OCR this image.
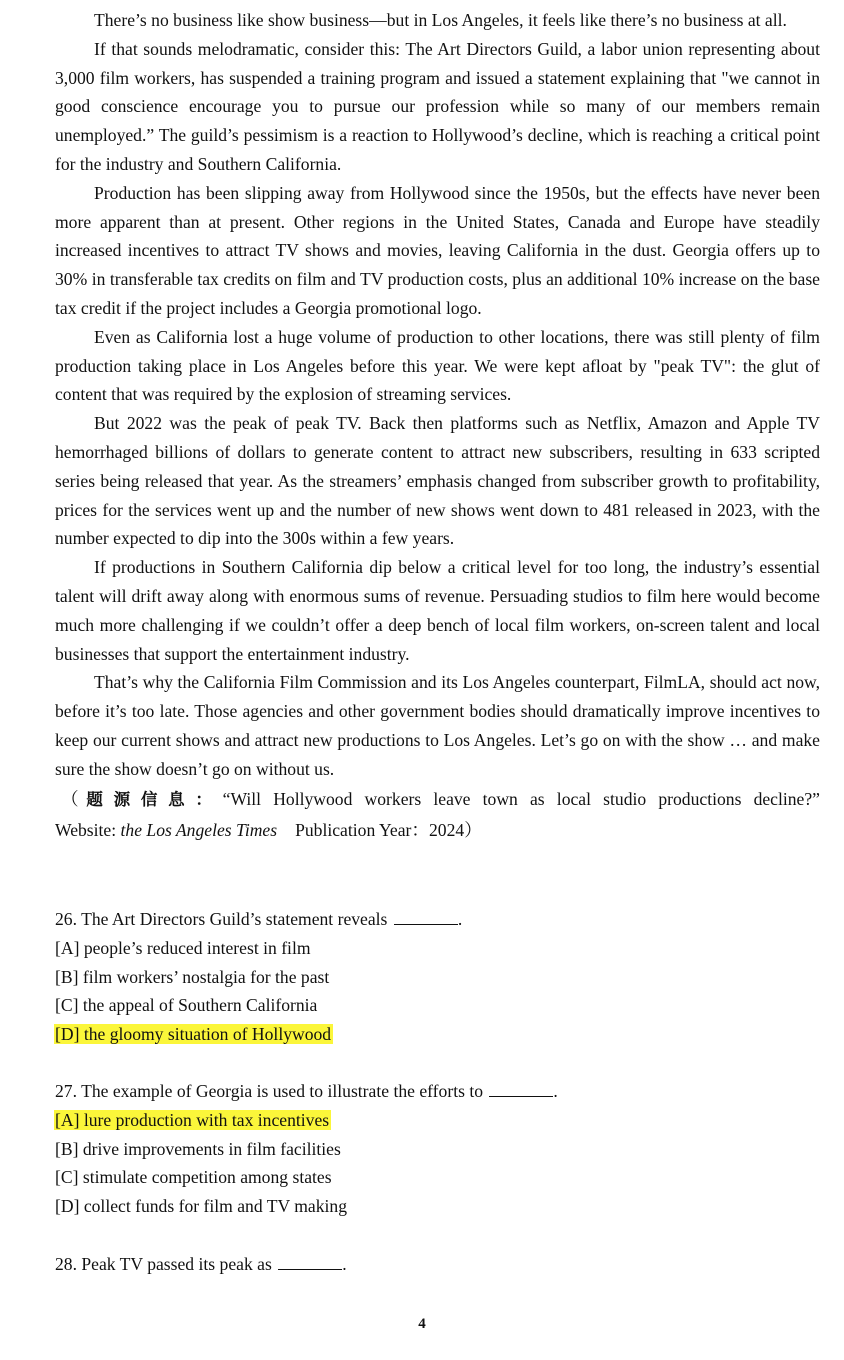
There’s no business like show business—but in Los Angeles, it feels like there’s no business at all.

If that sounds melodramatic, consider this: The Art Directors Guild, a labor union representing about 3,000 film workers, has suspended a training program and issued a statement explaining that "we cannot in good conscience encourage you to pursue our profession while so many of our members remain unemployed.” The guild’s pessimism is a reaction to Hollywood’s decline, which is reaching a critical point for the industry and Southern California.

Production has been slipping away from Hollywood since the 1950s, but the effects have never been more apparent than at present. Other regions in the United States, Canada and Europe have steadily increased incentives to attract TV shows and movies, leaving California in the dust. Georgia offers up to 30% in transferable tax credits on film and TV production costs, plus an additional 10% increase on the base tax credit if the project includes a Georgia promotional logo.

Even as California lost a huge volume of production to other locations, there was still plenty of film production taking place in Los Angeles before this year. We were kept afloat by "peak TV": the glut of content that was required by the explosion of streaming services.

But 2022 was the peak of peak TV. Back then platforms such as Netflix, Amazon and Apple TV hemorrhaged billions of dollars to generate content to attract new subscribers, resulting in 633 scripted series being released that year. As the streamers’ emphasis changed from subscriber growth to profitability, prices for the services went up and the number of new shows went down to 481 released in 2023, with the number expected to dip into the 300s within a few years.

If productions in Southern California dip below a critical level for too long, the industry’s essential talent will drift away along with enormous sums of revenue. Persuading studios to film here would become much more challenging if we couldn’t offer a deep bench of local film workers, on-screen talent and local businesses that support the entertainment industry.

That’s why the California Film Commission and its Los Angeles counterpart, FilmLA, should act now, before it’s too late. Those agencies and other government bodies should dramatically improve incentives to keep our current shows and attract new productions to Los Angeles. Let’s go on with the show … and make sure the show doesn’t go on without us.

（题源信息：“Will Hollywood workers leave town as local studio productions decline?”
Website: the Los Angeles Times Publication Year：2024）

26. The Art Directors Guild’s statement reveals	.
[A] people’s reduced interest in film
[B] film workers’ nostalgia for the past
[C] the appeal of Southern California
[D] the gloomy situation of Hollywood
27. The example of Georgia is used to illustrate the efforts to	.
[A] lure production with tax incentives
[B] drive improvements in film facilities
[C] stimulate competition among states
[D] collect funds for film and TV making
28. Peak TV passed its peak as	.
4
